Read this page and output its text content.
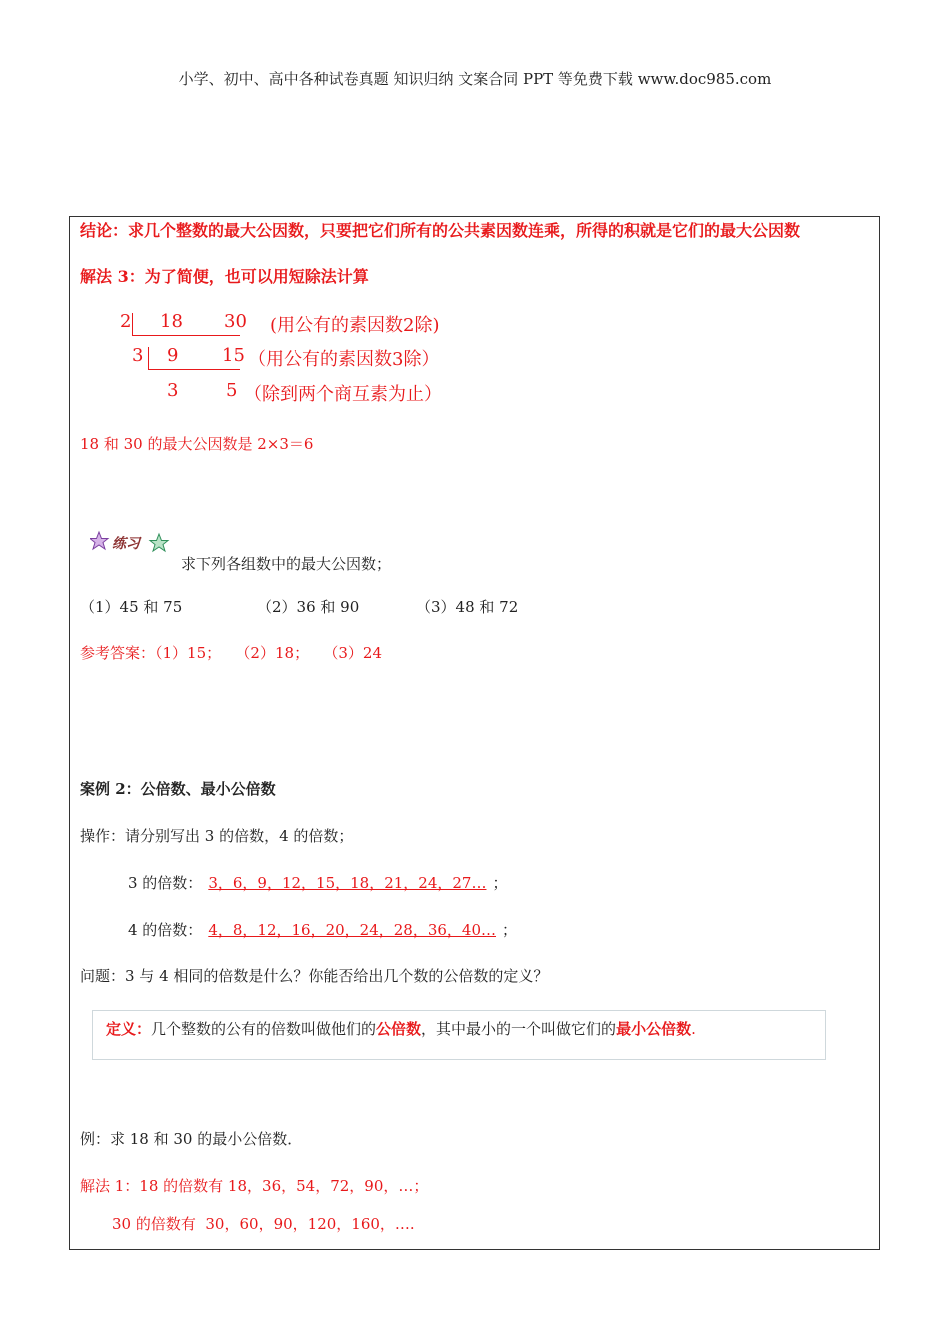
小学、初中、高中各种试卷真题 知识归纳 文案合同 PPT 等免费下载 www.doc985.com
结论：求几个整数的最大公因数，只要把它们所有的公共素因数连乘，所得的积就是它们的最大公因数
解法 3：为了简便，也可以用短除法计算
2 18 30 (用公有的素因数2除)
3 9 15 （用公有的素因数3除）
3	5 （除到两个商互素为止）
18 和 30 的最大公因数是 2×3＝6
练习
求下列各组数中的最大公因数；
（1）45 和 75	（2）36 和 90	（3）48 和 72
参考答案：（1）15；   （2）18；   （3）24
案例 2：公倍数、最小公倍数
操作：请分别写出 3 的倍数，4 的倍数；
3 的倍数： 3，6，9，12，15，18，21，24，27… ；
4 的倍数： 4，8，12，16，20，24，28，36，40… ；
问题：3 与 4 相同的倍数是什么？你能否给出几个数的公倍数的定义？
定义：几个整数的公有的倍数叫做他们的公倍数，其中最小的一个叫做它们的最小公倍数.
例：求 18 和 30 的最小公倍数．
解法 1：18 的倍数有 18，36，54，72，90，…；
30 的倍数有  30，60，90，120，160，….
